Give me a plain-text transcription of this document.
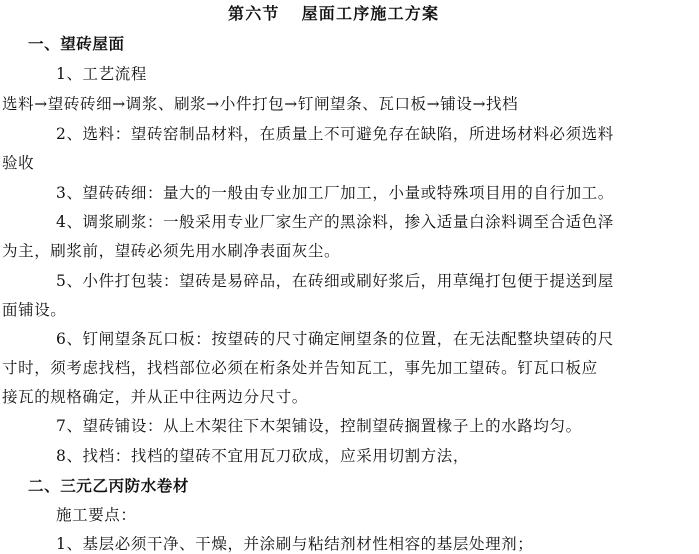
第六节 屋面工序施工方案
一、望砖屋面
1、工艺流程
选料→望砖砖细→调浆、刷浆→小件打包→钉闸望条、瓦口板→铺设→找档
2、选料：望砖窑制品材料，在质量上不可避免存在缺陷，所进场材料必须选料
验收
3、望砖砖细：量大的一般由专业加工厂加工，小量或特殊项目用的自行加工。
4、调浆刷浆：一般采用专业厂家生产的黑涂料，掺入适量白涂料调至合适色泽
为主，刷浆前，望砖必须先用水刷净表面灰尘。
5、小件打包装：望砖是易碎品，在砖细或刷好浆后，用草绳打包便于提送到屋
面铺设。
6、钉闸望条瓦口板：按望砖的尺寸确定闸望条的位置，在无法配整块望砖的尺
寸时，须考虑找档，找档部位必须在桁条处并告知瓦工，事先加工望砖。钉瓦口板应
接瓦的规格确定，并从正中往两边分尺寸。
7、望砖铺设：从上木架往下木架铺设，控制望砖搁置椽子上的水路均匀。
8、找档：找档的望砖不宜用瓦刀砍成，应采用切割方法，
二、三元乙丙防水卷材
施工要点：
1、基层必须干净、干燥，并涂刷与粘结剂材性相容的基层处理剂；
